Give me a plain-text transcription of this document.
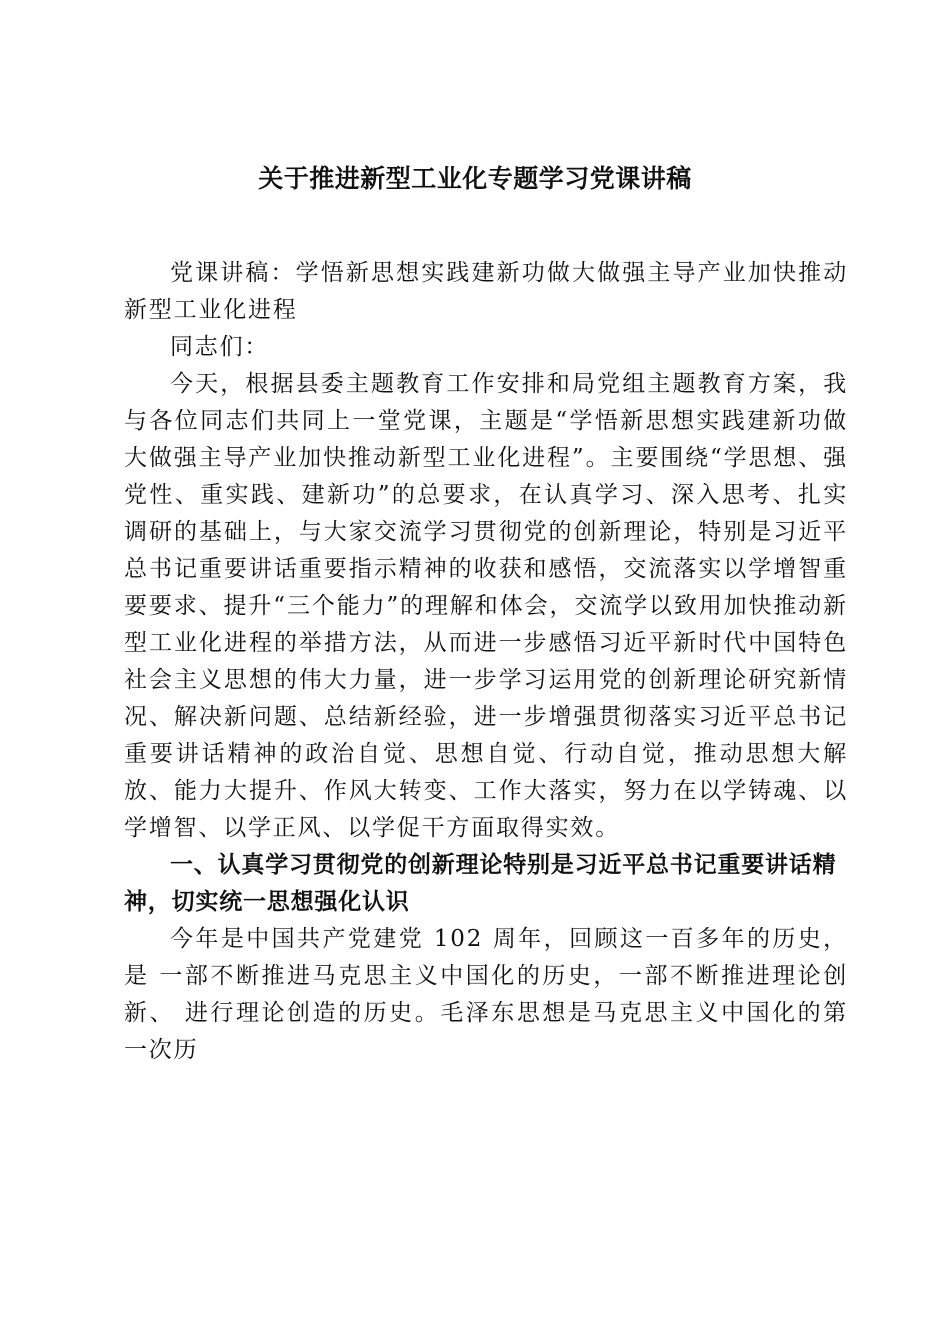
关于推进新型工业化专题学习党课讲稿

党课讲稿：学悟新思想实践建新功做大做强主导产业加快推动新型工业化进程

同志们：

今天，根据县委主题教育工作安排和局党组主题教育方案，我与各位同志们共同上一堂党课，主题是“学悟新思想实践建新功做大做强主导产业加快推动新型工业化进程”。主要围绕“学思想、强党性、重实践、建新功”的总要求，在认真学习、深入思考、扎实调研的基础上，与大家交流学习贯彻党的创新理论，特别是习近平总书记重要讲话重要指示精神的收获和感悟，交流落实以学增智重要要求、提升“三个能力”的理解和体会，交流学以致用加快推动新型工业化进程的举措方法，从而进一步感悟习近平新时代中国特色社会主义思想的伟大力量，进一步学习运用党的创新理论研究新情况、解决新问题、总结新经验，进一步增强贯彻落实习近平总书记重要讲话精神的政治自觉、思想自觉、行动自觉，推动思想大解放、能力大提升、作风大转变、工作大落实，努力在以学铸魂、以学增智、以学正风、以学促干方面取得实效。

一、认真学习贯彻党的创新理论特别是习近平总书记重要讲话精神，切实统一思想强化认识

今年是中国共产党建党 102 周年，回顾这一百多年的历史，是 一部不断推进马克思主义中国化的历史，一部不断推进理论创新、 进行理论创造的历史。毛泽东思想是马克思主义中国化的第一次历
